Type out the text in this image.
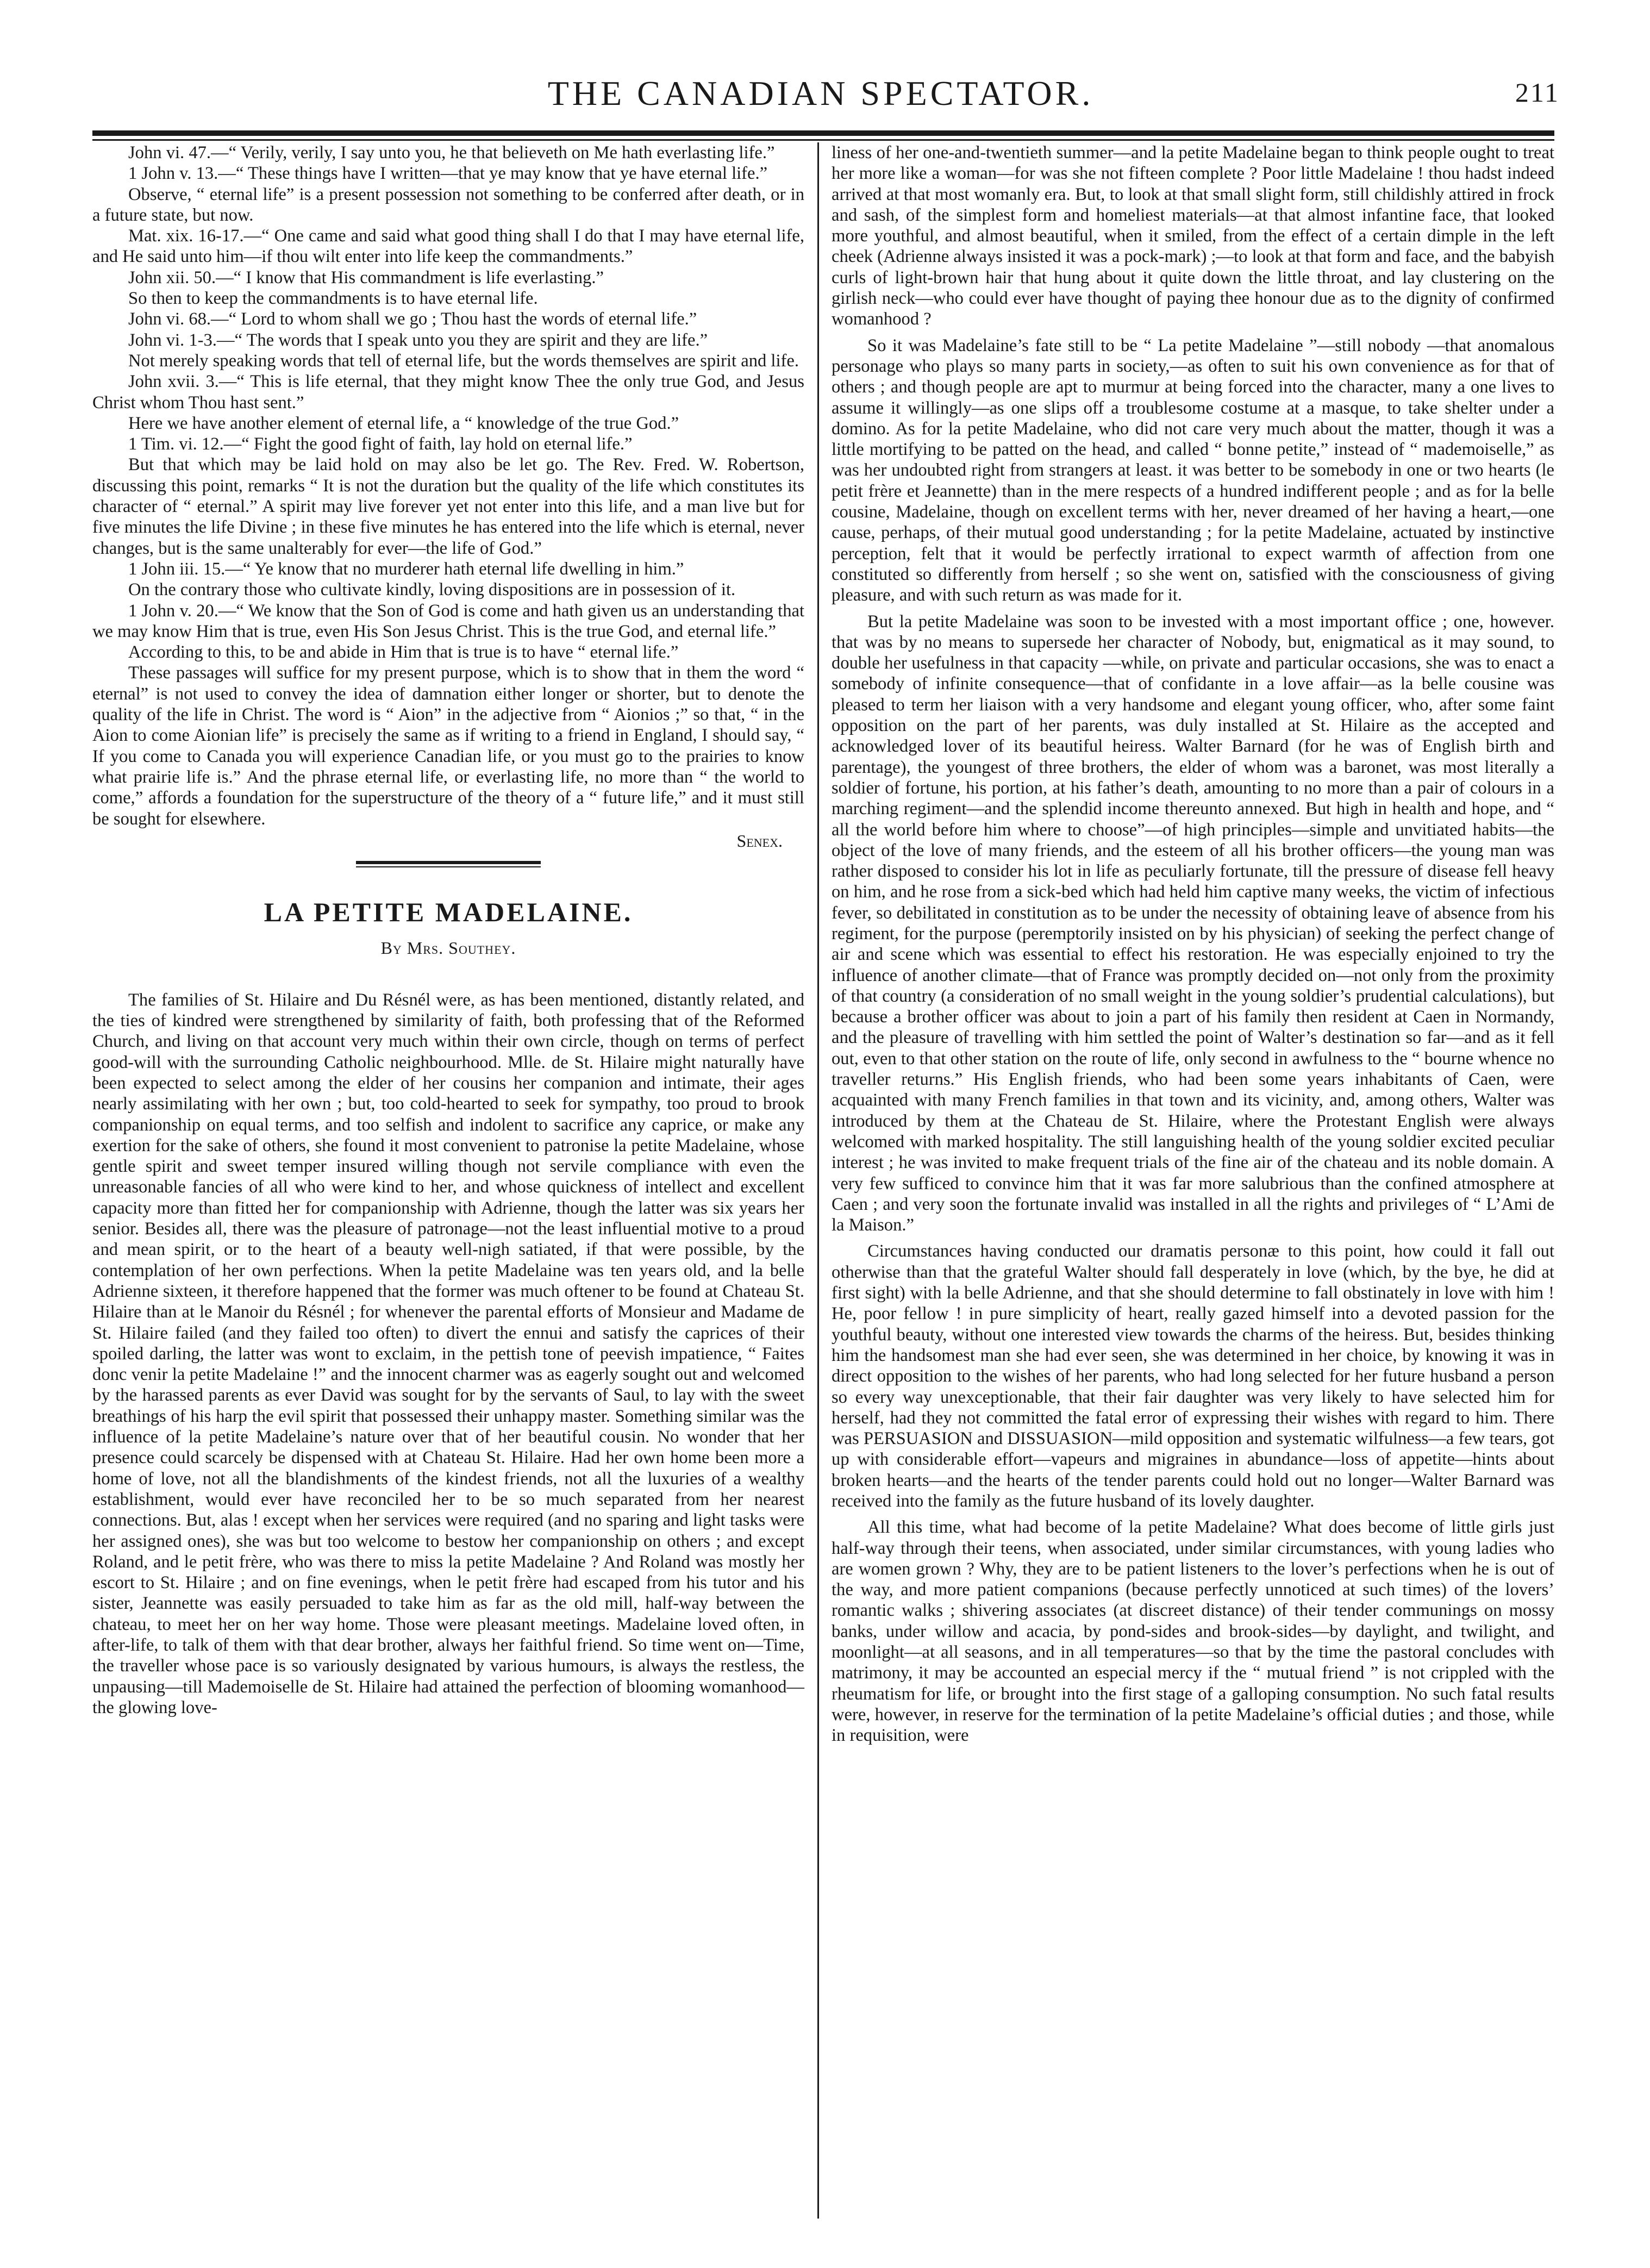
THE CANADIAN SPECTATOR.	211

John vi. 47.—“ Verily, verily, I say unto you, he that believeth on Me hath everlasting life.”

1 John v. 13.—“ These things have I written—that ye may know that ye have eternal life.”

Observe, “ eternal life” is a present possession not something to be conferred after death, or in a future state, but now.

Mat. xix. 16-17.—“ One came and said what good thing shall I do that I may have eternal life, and He said unto him—if thou wilt enter into life keep the commandments.”

John xii. 50.—“ I know that His commandment is life everlasting.”

So then to keep the commandments is to have eternal life.

John vi. 68.—“ Lord to whom shall we go ; Thou hast the words of eternal life.”

John vi. 1-3.—“ The words that I speak unto you they are spirit and they are life.”

Not merely speaking words that tell of eternal life, but the words themselves are spirit and life.

John xvii. 3.—“ This is life eternal, that they might know Thee the only true God, and Jesus Christ whom Thou hast sent.”

Here we have another element of eternal life, a “ knowledge of the true God.”

1 Tim. vi. 12.—“ Fight the good fight of faith, lay hold on eternal life.”

But that which may be laid hold on may also be let go. The Rev. Fred. W. Robertson, discussing this point, remarks “ It is not the duration but the quality of the life which constitutes its character of “ eternal.” A spirit may live forever yet not enter into this life, and a man live but for five minutes the life Divine ; in these five minutes he has entered into the life which is eternal, never changes, but is the same unalterably for ever—the life of God.”

1 John iii. 15.—“ Ye know that no murderer hath eternal life dwelling in him.”

On the contrary those who cultivate kindly, loving dispositions are in possession of it.

1 John v. 20.—“ We know that the Son of God is come and hath given us an understanding that we may know Him that is true, even His Son Jesus Christ. This is the true God, and eternal life.”

According to this, to be and abide in Him that is true is to have “ eternal life.”

These passages will suffice for my present purpose, which is to show that in them the word “ eternal” is not used to convey the idea of damnation either longer or shorter, but to denote the quality of the life in Christ. The word is “ Aion” in the adjective from “ Aionios ;” so that, “ in the Aion to come Aionian life” is precisely the same as if writing to a friend in England, I should say, “ If you come to Canada you will experience Canadian life, or you must go to the prairies to know what prairie life is.” And the phrase eternal life, or everlasting life, no more than “ the world to come,” affords a foundation for the superstructure of the theory of a “ future life,” and it must still be sought for elsewhere.

Senex.
LA PETITE MADELAINE.
By Mrs. Southey.

The families of St. Hilaire and Du Résnél were, as has been mentioned, distantly related, and the ties of kindred were strengthened by similarity of faith, both professing that of the Reformed Church, and living on that account very much within their own circle, though on terms of perfect good-will with the surrounding Catholic neighbourhood. Mlle. de St. Hilaire might naturally have been expected to select among the elder of her cousins her companion and intimate, their ages nearly assimilating with her own ; but, too cold-hearted to seek for sympathy, too proud to brook companionship on equal terms, and too selfish and indolent to sacrifice any caprice, or make any exertion for the sake of others, she found it most convenient to patronise la petite Madelaine, whose gentle spirit and sweet temper insured willing though not servile compliance with even the unreasonable fancies of all who were kind to her, and whose quickness of intellect and excellent capacity more than fitted her for companionship with Adrienne, though the latter was six years her senior. Besides all, there was the pleasure of patronage—not the least influential motive to a proud and mean spirit, or to the heart of a beauty well-nigh satiated, if that were possible, by the contemplation of her own perfections. When la petite Madelaine was ten years old, and la belle Adrienne sixteen, it therefore happened that the former was much oftener to be found at Chateau St. Hilaire than at le Manoir du Résnél ; for whenever the parental efforts of Monsieur and Madame de St. Hilaire failed (and they failed too often) to divert the ennui and satisfy the caprices of their spoiled darling, the latter was wont to exclaim, in the pettish tone of peevish impatience, “ Faites donc venir la petite Madelaine !” and the innocent charmer was as eagerly sought out and welcomed by the harassed parents as ever David was sought for by the servants of Saul, to lay with the sweet breathings of his harp the evil spirit that possessed their unhappy master. Something similar was the influence of la petite Madelaine’s nature over that of her beautiful cousin. No wonder that her presence could scarcely be dispensed with at Chateau St. Hilaire. Had her own home been more a home of love, not all the blandishments of the kindest friends, not all the luxuries of a wealthy establishment, would ever have reconciled her to be so much separated from her nearest connections. But, alas ! except when her services were required (and no sparing and light tasks were her assigned ones), she was but too welcome to bestow her companionship on others ; and except Roland, and le petit frère, who was there to miss la petite Madelaine ? And Roland was mostly her escort to St. Hilaire ; and on fine evenings, when le petit frère had escaped from his tutor and his sister, Jeannette was easily persuaded to take him as far as the old mill, half-way between the chateau, to meet her on her way home. Those were pleasant meetings. Madelaine loved often, in after-life, to talk of them with that dear brother, always her faithful friend. So time went on—Time, the traveller whose pace is so variously designated by various humours, is always the restless, the unpausing—till Mademoiselle de St. Hilaire had attained the perfection of blooming womanhood—the glowing love-

liness of her one-and-twentieth summer—and la petite Madelaine began to think people ought to treat her more like a woman—for was she not fifteen complete ? Poor little Madelaine ! thou hadst indeed arrived at that most womanly era. But, to look at that small slight form, still childishly attired in frock and sash, of the simplest form and homeliest materials—at that almost infantine face, that looked more youthful, and almost beautiful, when it smiled, from the effect of a certain dimple in the left cheek (Adrienne always insisted it was a pock-mark) ;—to look at that form and face, and the babyish curls of light-brown hair that hung about it quite down the little throat, and lay clustering on the girlish neck—who could ever have thought of paying thee honour due as to the dignity of confirmed womanhood ?

So it was Madelaine’s fate still to be “ La petite Madelaine ”—still nobody —that anomalous personage who plays so many parts in society,—as often to suit his own convenience as for that of others ; and though people are apt to murmur at being forced into the character, many a one lives to assume it willingly—as one slips off a troublesome costume at a masque, to take shelter under a domino. As for la petite Madelaine, who did not care very much about the matter, though it was a little mortifying to be patted on the head, and called “ bonne petite,” instead of “ mademoiselle,” as was her undoubted right from strangers at least. it was better to be somebody in one or two hearts (le petit frère et Jeannette) than in the mere respects of a hundred indifferent people ; and as for la belle cousine, Madelaine, though on excellent terms with her, never dreamed of her having a heart,—one cause, perhaps, of their mutual good understanding ; for la petite Madelaine, actuated by instinctive perception, felt that it would be perfectly irrational to expect warmth of affection from one constituted so differently from herself ; so she went on, satisfied with the consciousness of giving pleasure, and with such return as was made for it.

But la petite Madelaine was soon to be invested with a most important office ; one, however. that was by no means to supersede her character of Nobody, but, enigmatical as it may sound, to double her usefulness in that capacity —while, on private and particular occasions, she was to enact a somebody of infinite consequence—that of confidante in a love affair—as la belle cousine was pleased to term her liaison with a very handsome and elegant young officer, who, after some faint opposition on the part of her parents, was duly installed at St. Hilaire as the accepted and acknowledged lover of its beautiful heiress. Walter Barnard (for he was of English birth and parentage), the youngest of three brothers, the elder of whom was a baronet, was most literally a soldier of fortune, his portion, at his father’s death, amounting to no more than a pair of colours in a marching regiment—and the splendid income thereunto annexed. But high in health and hope, and “ all the world before him where to choose”—of high principles—simple and unvitiated habits—the object of the love of many friends, and the esteem of all his brother officers—the young man was rather disposed to consider his lot in life as peculiarly fortunate, till the pressure of disease fell heavy on him, and he rose from a sick-bed which had held him captive many weeks, the victim of infectious fever, so debilitated in constitution as to be under the necessity of obtaining leave of absence from his regiment, for the purpose (peremptorily insisted on by his physician) of seeking the perfect change of air and scene which was essential to effect his restoration. He was especially enjoined to try the influence of another climate—that of France was promptly decided on—not only from the proximity of that country (a consideration of no small weight in the young soldier’s prudential calculations), but because a brother officer was about to join a part of his family then resident at Caen in Normandy, and the pleasure of travelling with him settled the point of Walter’s destination so far—and as it fell out, even to that other station on the route of life, only second in awfulness to the “ bourne whence no traveller returns.” His English friends, who had been some years inhabitants of Caen, were acquainted with many French families in that town and its vicinity, and, among others, Walter was introduced by them at the Chateau de St. Hilaire, where the Protestant English were always welcomed with marked hospitality. The still languishing health of the young soldier excited peculiar interest ; he was invited to make frequent trials of the fine air of the chateau and its noble domain. A very few sufficed to convince him that it was far more salubrious than the confined atmosphere at Caen ; and very soon the fortunate invalid was installed in all the rights and privileges of “ L’Ami de la Maison.”

Circumstances having conducted our dramatis personæ to this point, how could it fall out otherwise than that the grateful Walter should fall desperately in love (which, by the bye, he did at first sight) with la belle Adrienne, and that she should determine to fall obstinately in love with him ! He, poor fellow ! in pure simplicity of heart, really gazed himself into a devoted passion for the youthful beauty, without one interested view towards the charms of the heiress. But, besides thinking him the handsomest man she had ever seen, she was determined in her choice, by knowing it was in direct opposition to the wishes of her parents, who had long selected for her future husband a person so every way unexceptionable, that their fair daughter was very likely to have selected him for herself, had they not committed the fatal error of expressing their wishes with regard to him. There was PERSUASION and DISSUASION—mild opposition and systematic wilfulness—a few tears, got up with considerable effort—vapeurs and migraines in abundance—loss of appetite—hints about broken hearts—and the hearts of the tender parents could hold out no longer—Walter Barnard was received into the family as the future husband of its lovely daughter.

All this time, what had become of la petite Madelaine? What does become of little girls just half-way through their teens, when associated, under similar circumstances, with young ladies who are women grown ? Why, they are to be patient listeners to the lover’s perfections when he is out of the way, and more patient companions (because perfectly unnoticed at such times) of the lovers’ romantic walks ; shivering associates (at discreet distance) of their tender communings on mossy banks, under willow and acacia, by pond-sides and brook-sides—by daylight, and twilight, and moonlight—at all seasons, and in all temperatures—so that by the time the pastoral concludes with matrimony, it may be accounted an especial mercy if the “ mutual friend ” is not crippled with the rheumatism for life, or brought into the first stage of a galloping consumption. No such fatal results were, however, in reserve for the termination of la petite Madelaine’s official duties ; and those, while in requisition, were
